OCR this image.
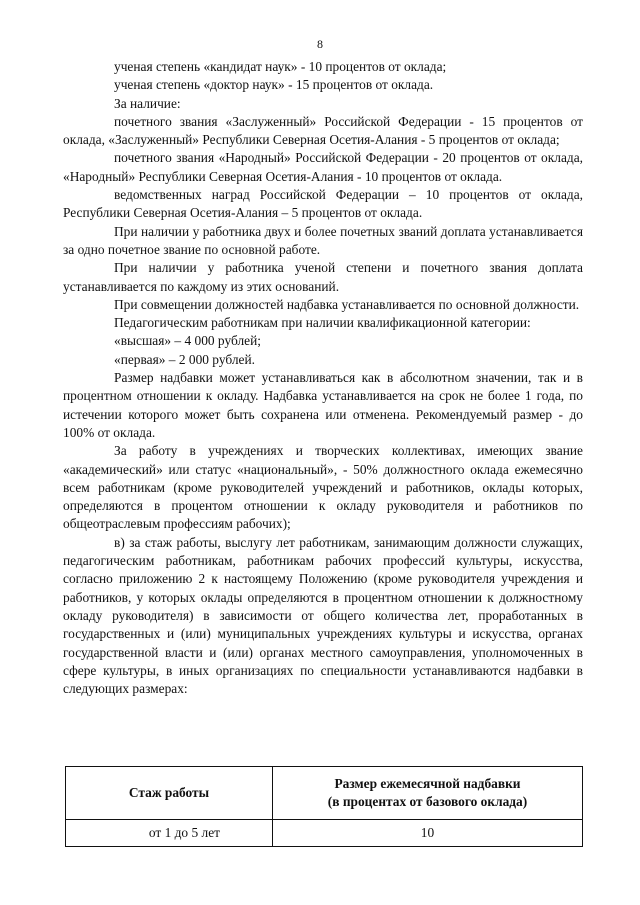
8

ученая степень «кандидат наук» - 10 процентов от оклада;

ученая степень «доктор наук» - 15 процентов от оклада.

За наличие:

почетного звания «Заслуженный» Российской Федерации - 15 процентов от оклада, «Заслуженный» Республики Северная Осетия-Алания - 5 процентов от оклада;

почетного звания «Народный» Российской Федерации - 20 процентов от оклада, «Народный» Республики Северная Осетия-Алания - 10 процентов от оклада.

ведомственных наград Российской Федерации – 10 процентов от оклада, Республики Северная Осетия-Алания – 5 процентов от оклада.

При наличии у работника двух и более почетных званий доплата устанавливается за одно почетное звание по основной работе.

При наличии у работника ученой степени и почетного звания доплата устанавливается по каждому из этих оснований.

При совмещении должностей надбавка устанавливается по основной должности.

Педагогическим работникам при наличии квалификационной категории:

«высшая» – 4 000 рублей;

«первая» – 2 000 рублей.

Размер надбавки может устанавливаться как в абсолютном значении, так и в процентном отношении к окладу. Надбавка устанавливается на срок не более 1 года, по истечении которого может быть сохранена или отменена. Рекомендуемый размер - до 100% от оклада.

За работу в учреждениях и творческих коллективах, имеющих звание «академический» или статус «национальный», - 50% должностного оклада ежемесячно всем работникам (кроме руководителей учреждений и работников, оклады которых, определяются в процентом отношении к окладу руководителя и работников по общеотраслевым профессиям рабочих);

в) за стаж работы, выслугу лет работникам, занимающим должности служащих, педагогическим работникам, работникам рабочих профессий культуры, искусства, согласно приложению 2 к настоящему Положению (кроме руководителя учреждения и работников, у которых оклады определяются в процентном отношении к должностному окладу руководителя) в зависимости от общего количества лет, проработанных в государственных и (или) муниципальных учреждениях культуры и искусства, органах государственной власти и (или) органах местного самоуправления, уполномоченных в сфере культуры, в иных организациях по специальности устанавливаются надбавки в следующих размерах:

Стаж работы	Размер ежемесячной надбавки
(в процентах от базового оклада)

от 1 до 5 лет	10
